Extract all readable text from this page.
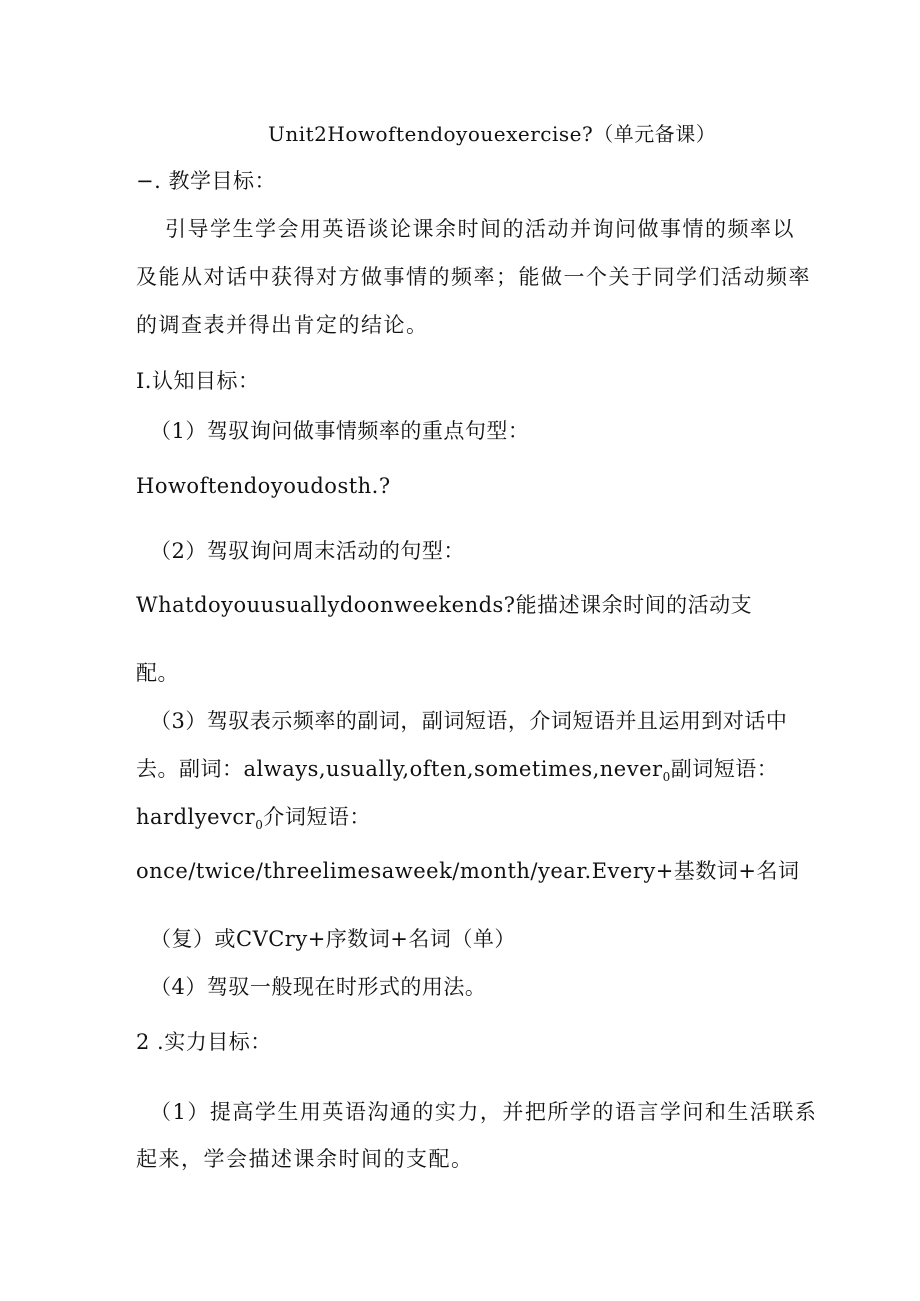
Unit2Howoftendoyouexercise?（单元备课）
−. 教学目标：
引导学生学会用英语谈论课余时间的活动并询问做事情的频率以
及能从对话中获得对方做事情的频率；能做一个关于同学们活动频率
的调查表并得出肯定的结论。
I.认知目标：
（1）驾驭询问做事情频率的重点句型：
Howoftendoyoudosth.?
（2）驾驭询问周末活动的句型：
Whatdoyouusuallydoonweekends?能描述课余时间的活动支
配。
（3）驾驭表示频率的副词，副词短语，介词短语并且运用到对话中
去。副词：always,usually,often,sometimes,never$_0$副词短语：
hardlyevcr$_0$介词短语：
once/twice/threelimesaweek/month/year.Every+基数词+名词
（复）或CVCry+序数词+名词（单）
（4）驾驭一般现在时形式的用法。
2 .实力目标：
（1）提高学生用英语沟通的实力，并把所学的语言学问和生活联系
起来，学会描述课余时间的支配。
